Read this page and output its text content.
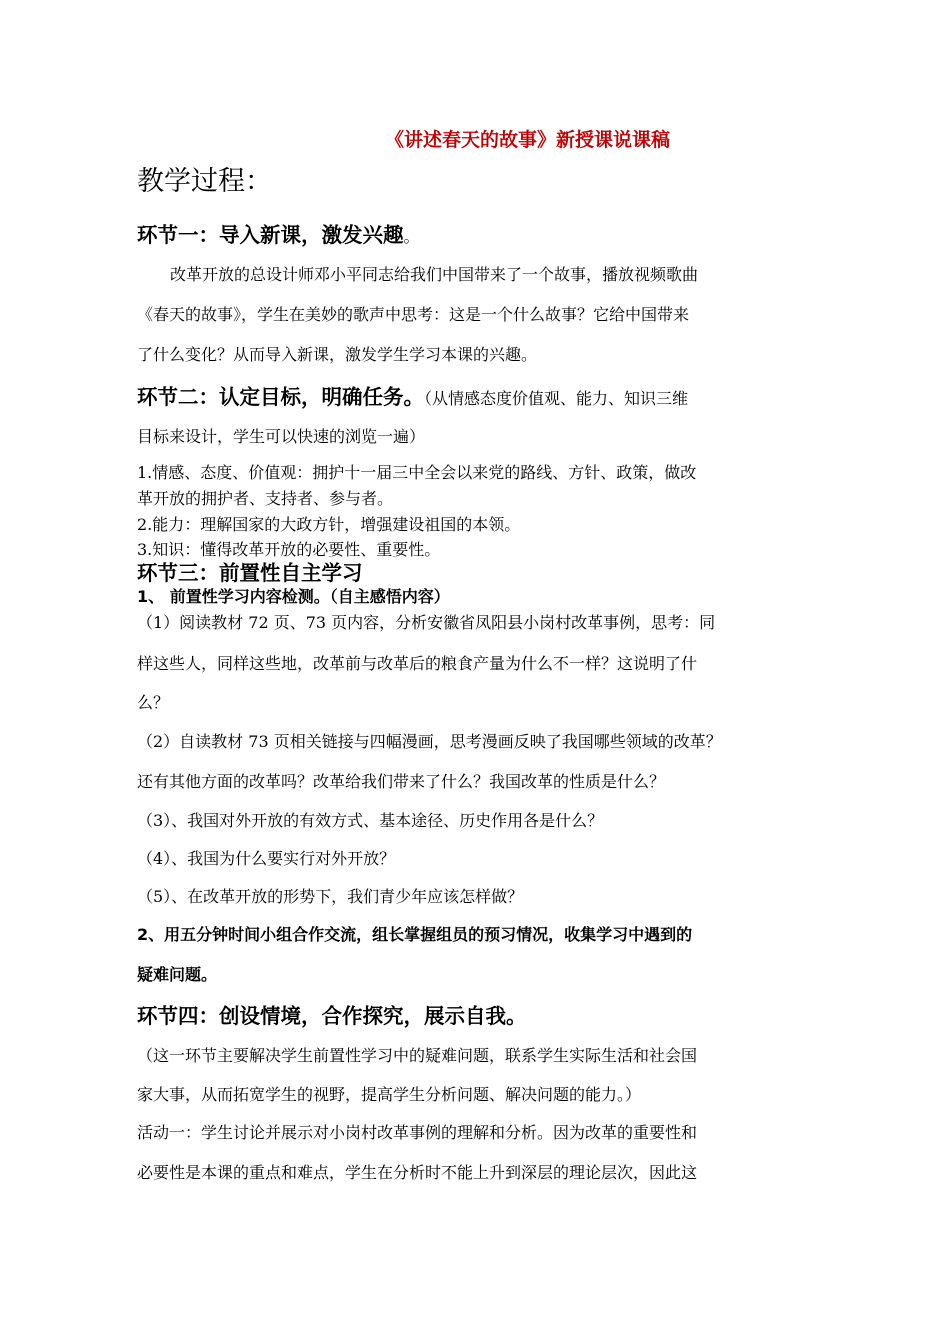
《讲述春天的故事》新授课说课稿
教学过程：
环节一：导入新课，激发兴趣。
改革开放的总设计师邓小平同志给我们中国带来了一个故事，播放视频歌曲
《春天的故事》，学生在美妙的歌声中思考：这是一个什么故事？它给中国带来
了什么变化？从而导入新课，激发学生学习本课的兴趣。
环节二：认定目标，明确任务。（从情感态度价值观、能力、知识三维
目标来设计，学生可以快速的浏览一遍）
1.情感、态度、价值观：拥护十一届三中全会以来党的路线、方针、政策，做改
革开放的拥护者、支持者、参与者。
2.能力：理解国家的大政方针，增强建设祖国的本领。
3.知识：懂得改革开放的必要性、重要性。
环节三：前置性自主学习
1、 前置性学习内容检测。（自主感悟内容）
（1）阅读教材 72 页、73 页内容，分析安徽省凤阳县小岗村改革事例，思考：同
样这些人，同样这些地，改革前与改革后的粮食产量为什么不一样？这说明了什
么？
（2）自读教材 73 页相关链接与四幅漫画，思考漫画反映了我国哪些领域的改革？
还有其他方面的改革吗？改革给我们带来了什么？我国改革的性质是什么？
（3）、我国对外开放的有效方式、基本途径、历史作用各是什么？
（4）、我国为什么要实行对外开放？
（5）、在改革开放的形势下，我们青少年应该怎样做？
2、用五分钟时间小组合作交流，组长掌握组员的预习情况，收集学习中遇到的
疑难问题。
环节四：创设情境，合作探究，展示自我。
（这一环节主要解决学生前置性学习中的疑难问题，联系学生实际生活和社会国
家大事，从而拓宽学生的视野，提高学生分析问题、解决问题的能力。）
活动一：学生讨论并展示对小岗村改革事例的理解和分析。因为改革的重要性和
必要性是本课的重点和难点，学生在分析时不能上升到深层的理论层次，因此这
